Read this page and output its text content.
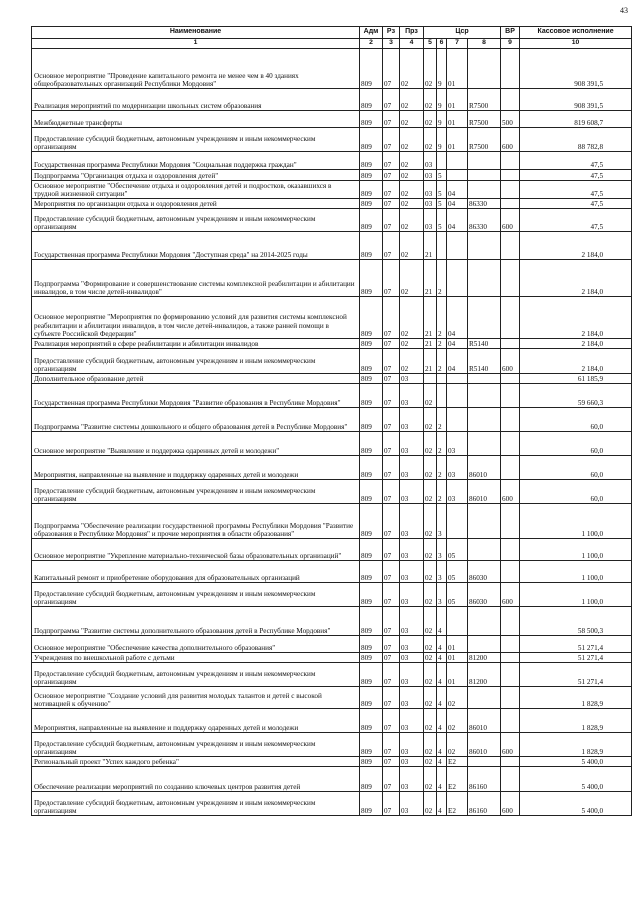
43
Наименование	Адм	Рз	Прз	Цср				ВР	Кассовое исполнение
1	2	3	4	5	6	7	8	9	10
Основное мероприятие "Проведение капитального ремонта не менее чем в 40 зданиях общеобразовательных организаций Республики Мордовия"	809	07	02	02	9	01			908 391,5
Реализация мероприятий по модернизации школьных систем образования	809	07	02	02	9	01	R7500		908 391,5
Межбюджетные трансферты	809	07	02	02	9	01	R7500	500	819 608,7
Предоставление субсидий бюджетным, автономным учреждениям и иным некоммерческим организациям	809	07	02	02	9	01	R7500	600	88 782,8
Государственная программа Республики Мордовия "Социальная поддержка граждан"	809	07	02	03					47,5
Подпрограмма "Организация отдыха и оздоровления детей"	809	07	02	03	5				47,5
Основное мероприятие "Обеспечение отдыха и оздоровления детей и подростков, оказавшихся в трудной жизненной ситуации"	809	07	02	03	5	04			47,5
Мероприятия по организации отдыха и оздоровления детей	809	07	02	03	5	04	86330		47,5
Предоставление субсидий бюджетным, автономным учреждениям и иным некоммерческим организациям	809	07	02	03	5	04	86330	600	47,5
Государственная программа Республики Мордовия "Доступная среда" на 2014-2025 годы	809	07	02	21					2 184,0
Подпрограмма "Формирование и совершенствование системы комплексной реабилитации и абилитации инвалидов, в том числе детей-инвалидов"	809	07	02	21	2				2 184,0
Основное мероприятие "Мероприятия по формированию условий для развития системы комплексной реабилитации и абилитации инвалидов, в том числе детей-инвалидов, а также ранней помощи в субъекте Российской Федерации"	809	07	02	21	2	04			2 184,0
Реализация мероприятий в сфере реабилитации и абилитации инвалидов	809	07	02	21	2	04	R5140		2 184,0
Предоставление субсидий бюджетным, автономным учреждениям и иным некоммерческим организациям	809	07	02	21	2	04	R5140	600	2 184,0
Дополнительное образование детей	809	07	03						61 185,9
Государственная программа Республики Мордовия "Развитие образования в Республике Мордовия"	809	07	03	02					59 660,3
Подпрограмма "Развитие системы дошкольного и общего образования детей в Республике Мордовия"	809	07	03	02	2				60,0
Основное мероприятие "Выявление и поддержка одаренных детей и молодежи"	809	07	03	02	2	03			60,0
Мероприятия, направленные на выявление и поддержку одаренных детей и молодежи	809	07	03	02	2	03	86010		60,0
Предоставление субсидий бюджетным, автономным учреждениям и иным некоммерческим организациям	809	07	03	02	2	03	86010	600	60,0
Подпрограмма "Обеспечение реализации государственной программы Республики Мордовия "Развитие образования в Республике Мордовия" и прочие мероприятия в области образования"	809	07	03	02	3				1 100,0
Основное мероприятие "Укрепление материально-технической базы образовательных организаций"	809	07	03	02	3	05			1 100,0
Капитальный ремонт и приобретение оборудования для образовательных организаций	809	07	03	02	3	05	86030		1 100,0
Предоставление субсидий бюджетным, автономным учреждениям и иным некоммерческим организациям	809	07	03	02	3	05	86030	600	1 100,0
Подпрограмма "Развитие системы дополнительного образования детей в Республике Мордовия"	809	07	03	02	4				58 500,3
Основное мероприятие "Обеспечение качества дополнительного образования"	809	07	03	02	4	01			51 271,4
Учреждения по внешкольной работе с детьми	809	07	03	02	4	01	81200		51 271,4
Предоставление субсидий бюджетным, автономным учреждениям и иным некоммерческим организациям	809	07	03	02	4	01	81200		51 271,4
Основное мероприятие "Создание условий для развития молодых талантов и детей с высокой мотивацией к обучению"	809	07	03	02	4	02			1 828,9
Мероприятия, направленные на выявление и поддержку одаренных детей и молодежи	809	07	03	02	4	02	86010		1 828,9
Предоставление субсидий бюджетным, автономным учреждениям и иным некоммерческим организациям	809	07	03	02	4	02	86010	600	1 828,9
Региональный проект "Успех каждого ребенка"	809	07	03	02	4	E2			5 400,0
Обеспечение реализации мероприятий по созданию ключевых центров развития детей	809	07	03	02	4	E2	86160		5 400,0
Предоставление субсидий бюджетным, автономным учреждениям и иным некоммерческим организациям	809	07	03	02	4	E2	86160	600	5 400,0
